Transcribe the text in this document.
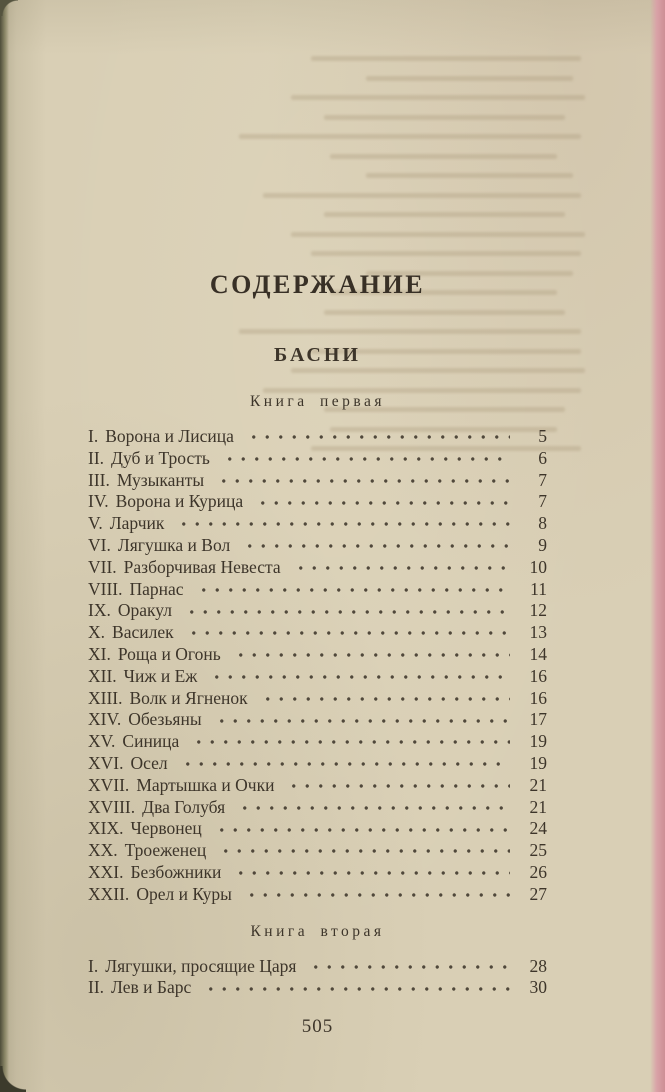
СОДЕРЖАНИЕ
БАСНИ
Книга первая
I. Ворона и Лисица	5
II. Дуб и Трость	6
III. Музыканты	7
IV. Ворона и Курица	7
V. Ларчик	8
VI. Лягушка и Вол	9
VII. Разборчивая Невеста	10
VIII. Парнас	11
IX. Оракул	12
X. Василек	13
XI. Роща и Огонь	14
XII. Чиж и Еж	16
XIII. Волк и Ягненок	16
XIV. Обезьяны	17
XV. Синица	19
XVI. Осел	19
XVII. Мартышка и Очки	21
XVIII. Два Голубя	21
XIX. Червонец	24
XX. Троеженец	25
XXI. Безбожники	26
XXII. Орел и Куры	27
Книга вторая
I. Лягушки, просящие Царя	28
II. Лев и Барс	30
505
